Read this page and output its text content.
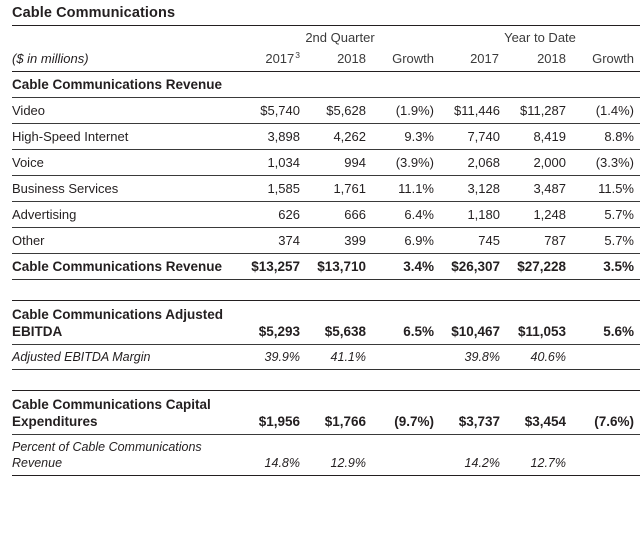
Cable Communications

	2nd Quarter			Year to Date		
($ in millions)	2017$^3$	2018	Growth	2017	2018	Growth
Cable Communications Revenue						
Video	$5,740	$5,628	(1.9%)	$11,446	$11,287	(1.4%)
High-Speed Internet	3,898	4,262	9.3%	7,740	8,419	8.8%
Voice	1,034	994	(3.9%)	2,068	2,000	(3.3%)
Business Services	1,585	1,761	11.1%	3,128	3,487	11.5%
Advertising	626	666	6.4%	1,180	1,248	5.7%
Other	374	399	6.9%	745	787	5.7%
Cable Communications Revenue	$13,257	$13,710	3.4%	$26,307	$27,228	3.5%

Cable Communications Adjusted						
EBITDA	$5,293	$5,638	6.5%	$10,467	$11,053	5.6%
Adjusted EBITDA Margin	39.9%	41.1%		39.8%	40.6%	

Cable Communications Capital						
Expenditures	$1,956	$1,766	(9.7%)	$3,737	$3,454	(7.6%)
Percent of Cable Communications						
Revenue	14.8%	12.9%		14.2%	12.7%	
